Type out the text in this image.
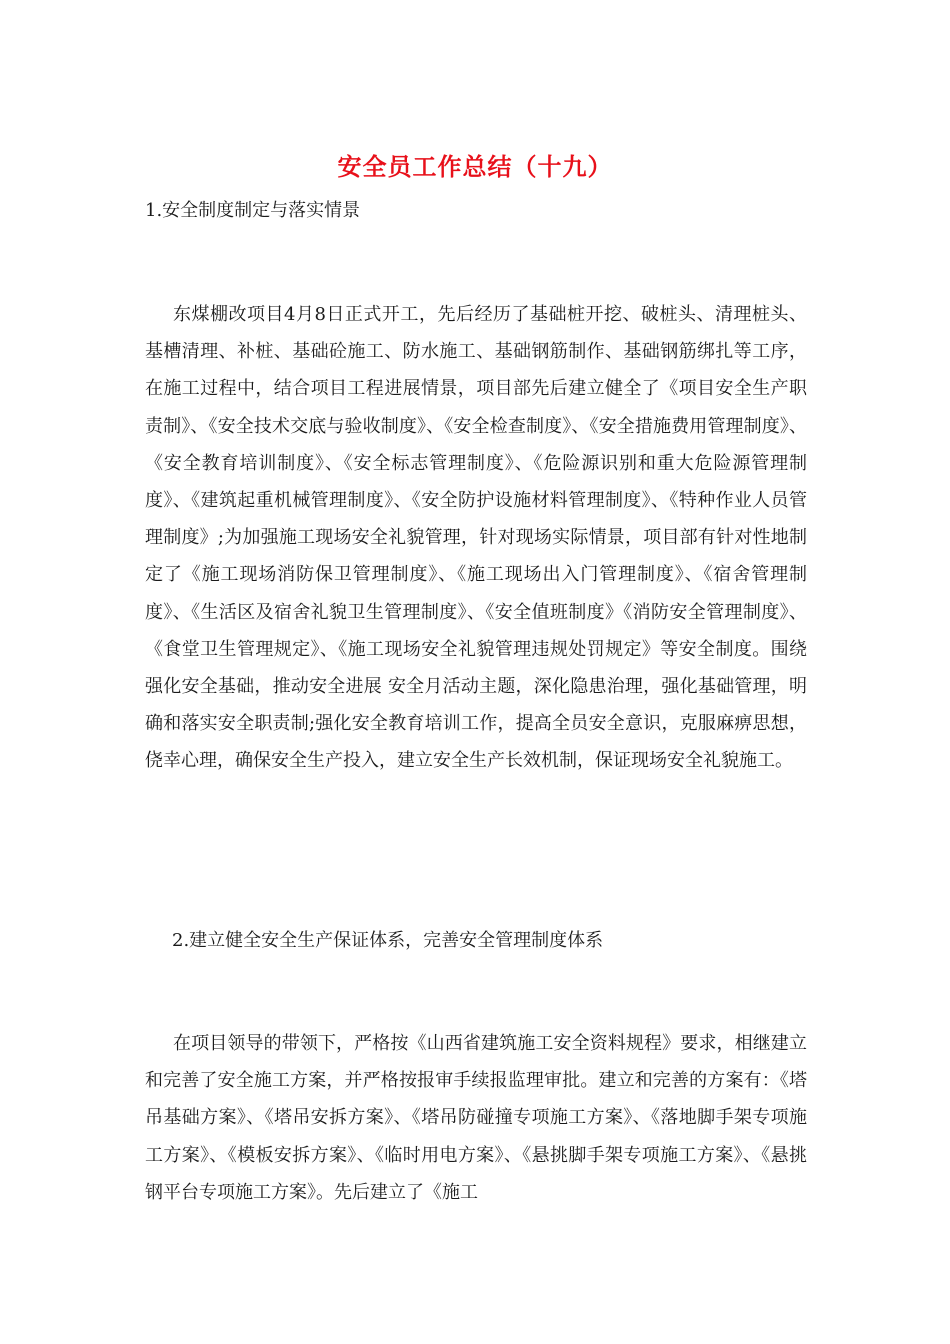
安全员工作总结（十九）

1.安全制度制定与落实情景

东煤棚改项目4月8日正式开工，先后经历了基础桩开挖、破桩头、清理桩头、基槽清理、补桩、基础砼施工、防水施工、基础钢筋制作、基础钢筋绑扎等工序，在施工过程中，结合项目工程进展情景，项目部先后建立健全了《项目安全生产职责制》、《安全技术交底与验收制度》、《安全检查制度》、《安全措施费用管理制度》、《安全教育培训制度》、《安全标志管理制度》、《危险源识别和重大危险源管理制度》、《建筑起重机械管理制度》、《安全防护设施材料管理制度》、《特种作业人员管理制度》;为加强施工现场安全礼貌管理，针对现场实际情景，项目部有针对性地制定了《施工现场消防保卫管理制度》、《施工现场出入门管理制度》、《宿舍管理制度》、《生活区及宿舍礼貌卫生管理制度》、《安全值班制度》《消防安全管理制度》、《食堂卫生管理规定》、《施工现场安全礼貌管理违规处罚规定》等安全制度。围绕 强化安全基础，推动安全进展 安全月活动主题，深化隐患治理，强化基础管理，明确和落实安全职责制;强化安全教育培训工作，提高全员安全意识，克服麻痹思想，侥幸心理，确保安全生产投入，建立安全生产长效机制，保证现场安全礼貌施工。

2.建立健全安全生产保证体系，完善安全管理制度体系

在项目领导的带领下，严格按《山西省建筑施工安全资料规程》要求，相继建立和完善了安全施工方案，并严格按报审手续报监理审批。建立和完善的方案有：《塔吊基础方案》、《塔吊安拆方案》、《塔吊防碰撞专项施工方案》、《落地脚手架专项施工方案》、《模板安拆方案》、《临时用电方案》、《悬挑脚手架专项施工方案》、《悬挑钢平台专项施工方案》。先后建立了《施工
